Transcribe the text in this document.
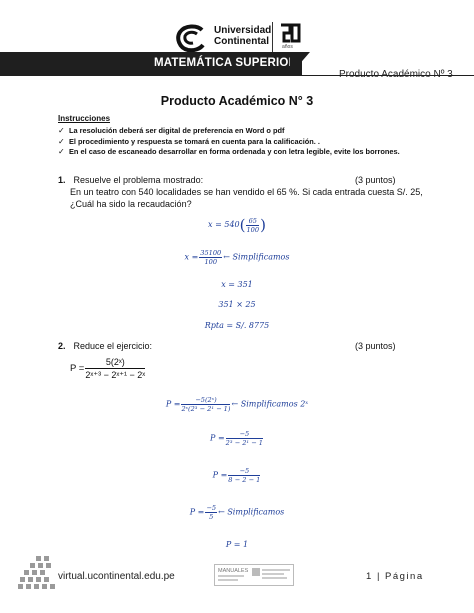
Universidad
Continental	años
MATEMÁTICA SUPERIOR
Producto Académico Nº 3
Producto Académico N° 3
Instrucciones
✓ La resolución deberá ser digital de preferencia en Word o pdf
✓ El procedimiento y respuesta se tomará en cuenta para la calificación. .
✓ En el caso de escaneado desarrollar en forma ordenada y con letra legible, evite los borrones.
1. Resuelve el problema mostrado:	(3 puntos)
En un teatro con 540 localidades se han vendido el 65 %. Si cada entrada cuesta S/. 25,
¿Cuál ha sido la recaudación?
$x = 540( \frac{65}{100}$ )
$x = \frac{35100}{100}$ ← Simplificamos
x = 351
351 × 25
Rpta = S/. 8775
2. Reduce el ejercicio:	(3 puntos)
$P = \frac{\text{5(2ˣ)}}{\text{2ˣ⁺³ − 2ˣ⁺¹ − 2ˣ}}$
$P = \frac{\text{−5(2ˣ)}}{\text{2ˣ(2³ − 2¹ − 1)}}$ ← Simplificamos 2ˣ
$P = \frac{-5}{\text{2³ − 2¹ − 1}}$
$P = \frac{-5}{8 - 2 - 1}$
$P = \frac{-5}{5}$ ← Simplificamos
P = 1
virtual.ucontinental.edu.pe	MANUALES	1 | Página
